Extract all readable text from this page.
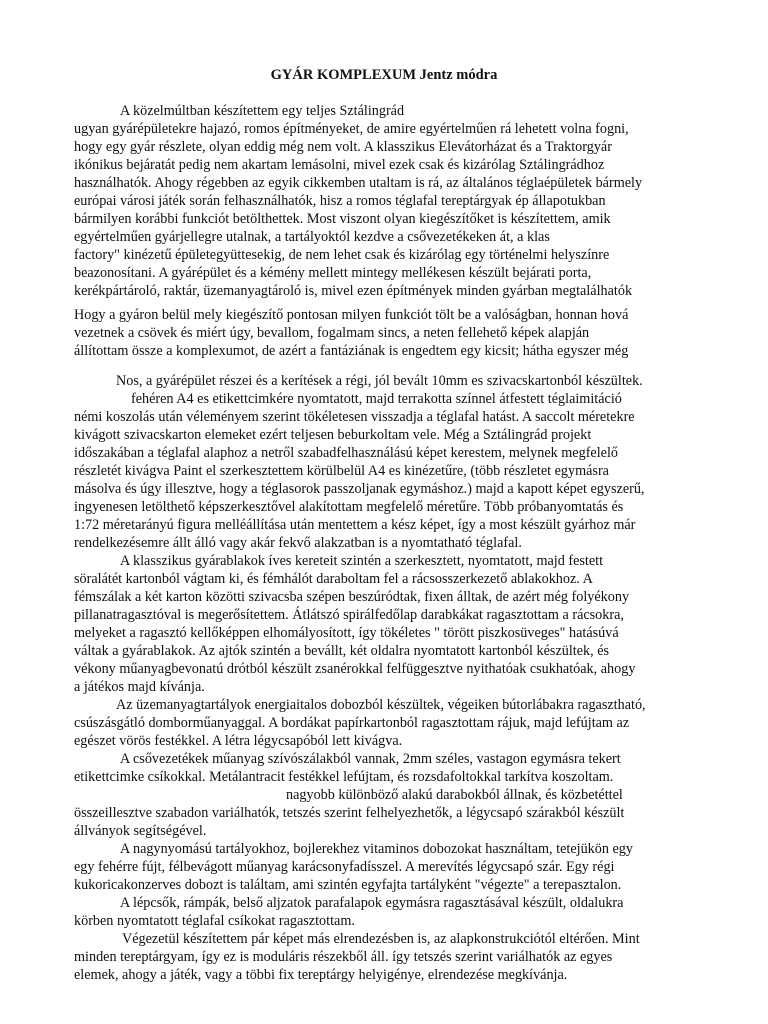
GYÁR KOMPLEXUM Jentz módra

A közelmúltban készítettem egy teljes Sztálingrád

ugyan gyárépületekre hajazó, romos építményeket, de amire egyértelműen rá lehetett volna fogni,

hogy egy gyár részlete, olyan eddig még nem volt. A klasszikus Elevátorházat és a Traktorgyár

ikónikus bejáratát pedig nem akartam lemásolni, mivel ezek csak és kizárólag Sztálingrádhoz

használhatók. Ahogy régebben az egyik cikkemben utaltam is rá, az általános téglaépületek bármely

európai városi játék során felhasználhatók, hisz a romos téglafal tereptárgyak ép állapotukban

bármilyen korábbi funkciót betölthettek. Most viszont olyan kiegészítőket is készítettem, amik

egyértelműen gyárjellegre utalnak, a tartályoktól kezdve a csővezetékeken át, a klas

factory" kinézetű épületegyüttesekig, de nem lehet csak és kizárólag egy történelmi helyszínre

beazonosítani. A gyárépület és a kémény mellett mintegy mellékesen készült bejárati porta,

kerékpártároló, raktár, üzemanyagtároló is, mivel ezen építmények minden gyárban megtalálhatók

Hogy a gyáron belül mely kiegészítő pontosan milyen funkciót tölt be a valóságban, honnan hová

vezetnek a csövek és miért úgy, bevallom, fogalmam sincs, a neten fellehető képek alapján

állítottam össze a komplexumot, de azért a fantáziának is engedtem egy kicsit; hátha egyszer még

Nos, a gyárépület részei és a kerítések a régi, jól bevált 10mm es szivacskartonból készültek.

fehéren A4 es etikettcimkére nyomtatott, majd terrakotta színnel átfestett téglaimitáció

némi koszolás után véleményem szerint tökéletesen visszadja a téglafal hatást. A saccolt méretekre

kivágott szivacskarton elemeket ezért teljesen beburkoltam vele. Még a Sztálingrád projekt

időszakában a téglafal alaphoz a netről szabadfelhasználású képet kerestem, melynek megfelelő

részletét kivágva Paint el szerkesztettem körülbelül A4 es kinézetűre, (több részletet egymásra

másolva és úgy illesztve, hogy a téglasorok passzoljanak egymáshoz.) majd a kapott képet egyszerű,

ingyenesen letölthető képszerkesztővel alakítottam megfelelő méretűre. Több próbanyomtatás és

1:72 méretarányú figura melléállítása után mentettem a kész képet, így a most készült gyárhoz már

rendelkezésemre állt álló vagy akár fekvő alakzatban is a nyomtatható téglafal.

A klasszikus gyárablakok íves kereteit szintén a szerkesztett, nyomtatott, majd festett

söralátét kartonból vágtam ki, és fémhálót daraboltam fel a rácsosszerkezető ablakokhoz. A

fémszálak a két karton közötti szivacsba szépen beszúródtak, fixen álltak, de azért még folyékony

pillanatragasztóval is megerősítettem. Átlátszó spirálfedőlap darabkákat ragasztottam a rácsokra,

melyeket a ragasztó kellőképpen elhomályosított, így tökéletes " törött piszkosüveges" hatásúvá

váltak a gyárablakok. Az ajtók szintén a bevállt, két oldalra nyomtatott kartonból készültek, és

vékony műanyagbevonatú drótból készült zsanérokkal felfüggesztve nyithatóak csukhatóak, ahogy

a játékos majd kívánja.

Az üzemanyagtartályok energiaitalos dobozból készültek, végeiken bútorlábakra ragasztható,

csúszásgátló domborműanyaggal. A bordákat papírkartonból ragasztottam rájuk, majd lefújtam az

egészet vörös festékkel. A létra légycsapóból lett kivágva.

A csővezetékek műanyag szívószálakból vannak, 2mm széles, vastagon egymásra tekert

etikettcimke csíkokkal. Metálantracit festékkel lefújtam, és rozsdafoltokkal tarkítva koszoltam.

nagyobb különböző alakú darabokból állnak, és közbetéttel

összeillesztve szabadon variálhatók, tetszés szerint felhelyezhetők, a légycsapó szárakból készült

állványok segítségével.

A nagynyomású tartályokhoz, bojlerekhez vitaminos dobozokat használtam, tetejükön egy

egy fehérre fújt, félbevágott műanyag karácsonyfadísszel. A merevítés légycsapó szár. Egy régi

kukoricakonzerves dobozt is találtam, ami szintén egyfajta tartályként "végezte" a terepasztalon.

A lépcsők, rámpák, belső aljzatok parafalapok egymásra ragasztásával készült, oldalukra

körben nyomtatott téglafal csíkokat ragasztottam.

Végezetül készítettem pár képet más elrendezésben is, az alapkonstrukciótól eltérően. Mint

minden tereptárgyam, így ez is moduláris részekből áll. így tetszés szerint variálhatók az egyes

elemek, ahogy a játék, vagy a többi fix tereptárgy helyigénye, elrendezése megkívánja.
